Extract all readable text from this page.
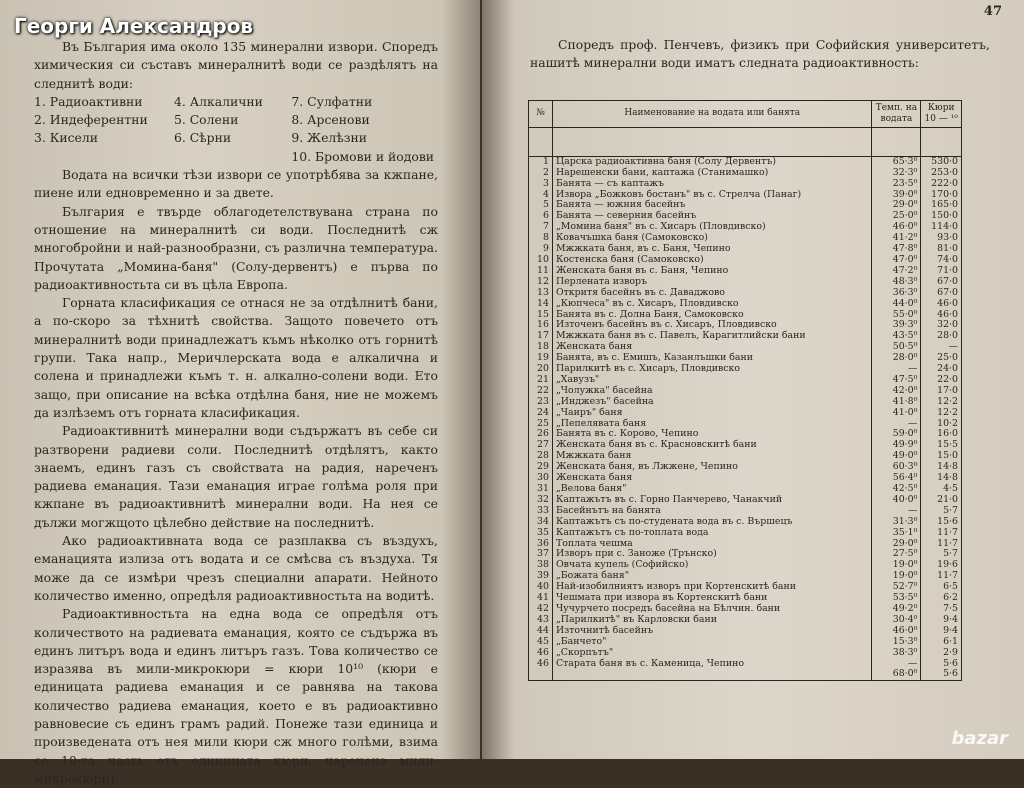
Въ България има около 135 минерални извори. Споредъ химическия си съставъ минералнитѣ води се раздѣлятъ на следнитѣ води:

1. Радиоактивни
2. Индеферентни
3. Кисели
4. Алкалични
5. Солени
6. Сѣрни
7. Сулфатни
8. Арсенови
9. Желѣзни
10. Бромови и йодови

Водата на всички тѣзи извори се употрѣбява за кжпане, пиене или едновременно и за двете.

България е твърде облагодетелствувана страна по отношение на минералнитѣ си води. Последнитѣ сж многобройни и най-разнообразни, съ различна температура. Прочутата „Момина-баня" (Солу-дервентъ) е първа по радиоактивностьта си въ цѣла Европа.

Горната класификация се отнася не за отдѣлнитѣ бани, а по-скоро за тѣхнитѣ свойства. Защото повечето отъ минералнитѣ води принадлежатъ къмъ нѣколко отъ горнитѣ групи. Така напр., Меричлерската вода е алкалична и солена и принадлежи къмъ т. н. алкално-солени води. Ето защо, при описание на всѣка отдѣлна баня, ние не можемъ да излѣземъ отъ горната класификация.

Радиоактивнитѣ минерални води съдържатъ въ себе си разтворени радиеви соли. Последнитѣ отдѣлятъ, както знаемъ, единъ газъ съ свойствата на радия, нареченъ радиева еманация. Тази еманация играе голѣма роля при кжпане въ радиоактивнитѣ минерални води. На нея се дължи могжщото цѣлебно действие на последнитѣ.

Ако радиоактивната вода се разплаква съ въздухъ, еманацията излиза отъ водата и се смѣсва съ въздуха. Тя може да се измѣри чрезъ специални апарати. Нейното количество именно, опредѣля радиоактивностьта на водитѣ.

Радиоактивностьта на една вода се опредѣля отъ количеството на радиевата еманация, която се съдържа въ единъ литъръ вода и единъ литъръ газъ. Това количество се изразява въ мили-микрокюри = кюри 10¹⁰ (кюри е единицата радиева еманация и се равнява на такова количество радиева еманация, което е въ радиоактивно равновесие съ единъ грамъ радий. Понеже тази единица и произведената отъ нея мили кюри сж много голѣми, взима се 10-та часть отъ единицата кюри, наречена мили-микрокюри).

47

Споредъ проф. Пенчевъ, физикъ при Софийския университетъ, нашитѣ минерални води иматъ следната радиоактивность:

№	Наименование на водата или банята	Темп. на водата	Кюри 10 — ¹⁰

1	Царска радиоактивна баня (Солу Дервентъ)	65·3⁰	530·0
2	Нарешенски бани, каптажа (Станимашко)	32·3⁰	253·0
3	Банята — съ каптажъ	23·5⁰	222·0
4	Извора „Божковъ бостанъ" въ с. Стрелча (Панаг)	39·0⁰	170·0
5	Банята — южния басейнъ	29·0⁰	165·0
6	Банята — северния басейнъ	25·0⁰	150·0
7	„Момина баня" въ с. Хисаръ (Пловдивско)	46·0⁰	114·0
8	Ковачъшка баня (Самоковско)	41·2⁰	93·0
9	Мжжката баня, въ с. Баня, Чепино	47·8⁰	81·0
10	Костенска баня (Самоковско)	47·0⁰	74·0
11	Женската баня въ с. Баня, Чепино	47·2⁰	71·0
12	Перлената изворъ	48·3⁰	67·0
13	Откритя басейнъ въ с. Даваджово	36·3⁰	67·0
14	„Кюпчеса" въ с. Хисаръ, Пловдивско	44·0⁰	46·0
15	Банята въ с. Долна Баня, Самоковско	55·0⁰	46·0
16	Източенъ басейнъ въ с. Хисаръ, Пловдивско	39·3⁰	32·0
17	Мжжката баня въ с. Павелъ, Карагитлийски бани	43·5⁰	28·0
18	Женската баня	50·5⁰	—
19	Банята, въ с. Емишъ, Казанлъшки бани	28·0⁰	25·0
20	Парилкитѣ въ с. Хисаръ, Пловдивско	—	24·0
21	„Хавузъ"	47·5⁰	22·0
22	„Чолужка" басейна	42·0⁰	17·0
23	„Инджезъ" басейна	41·8⁰	12·2
24	„Чаиръ" баня	41·0⁰	12·2
25	„Пепелявата баня	—	10·2
26	Банята въ с. Корово, Чепино	59·0⁰	16·0
27	Женската баня въ с. Красновскитѣ бани	49·9⁰	15·5
28	Мжжката баня	49·0⁰	15·0
29	Женската баня, въ Лжжене, Чепино	60·3⁰	14·8
30	Женската баня	56·4⁰	14·8
31	„Велова баня"	42·5⁰	4·5
32	Каптажътъ въ с. Горно Панчерево, Чанакчий	40·0⁰	21·0
33	Басейнътъ на банята	—	5·7
34	Каптажътъ съ по-студената вода въ с. Вършецъ	31·3⁰	15·6
35	Каптажътъ съ по-топлата вода	35·1⁰	11·7
36	Топлата чешма	29·0⁰	11·7
37	Изворъ при с. Заноже (Трънско)	27·5⁰	5·7
38	Овчата купель (Софийско)	19·0⁰	19·6
39	„Божата баня"	19·0⁰	11·7
40	Най-изобилниятъ изворъ при Кортенскитѣ бани	52·7⁰	6·5
41	Чешмата при извора въ Кортенскитѣ бани	53·5⁰	6·2
42	Чучурчето посредъ басейна на Бѣлчин. бани	49·2⁰	7·5
43	„Парилкитѣ" въ Карловски бани	30·4⁰	9·4
44	Източнитѣ басейнъ	46·0⁰	9·4
45	„Банчето"	15·3⁰	6·1
46	„Скорпътъ"	38·3⁰	2·9
46	Старата баня въ с. Каменица, Чепино	—	5·6
		68·0⁰	5·6
Георги Александров
bazar
